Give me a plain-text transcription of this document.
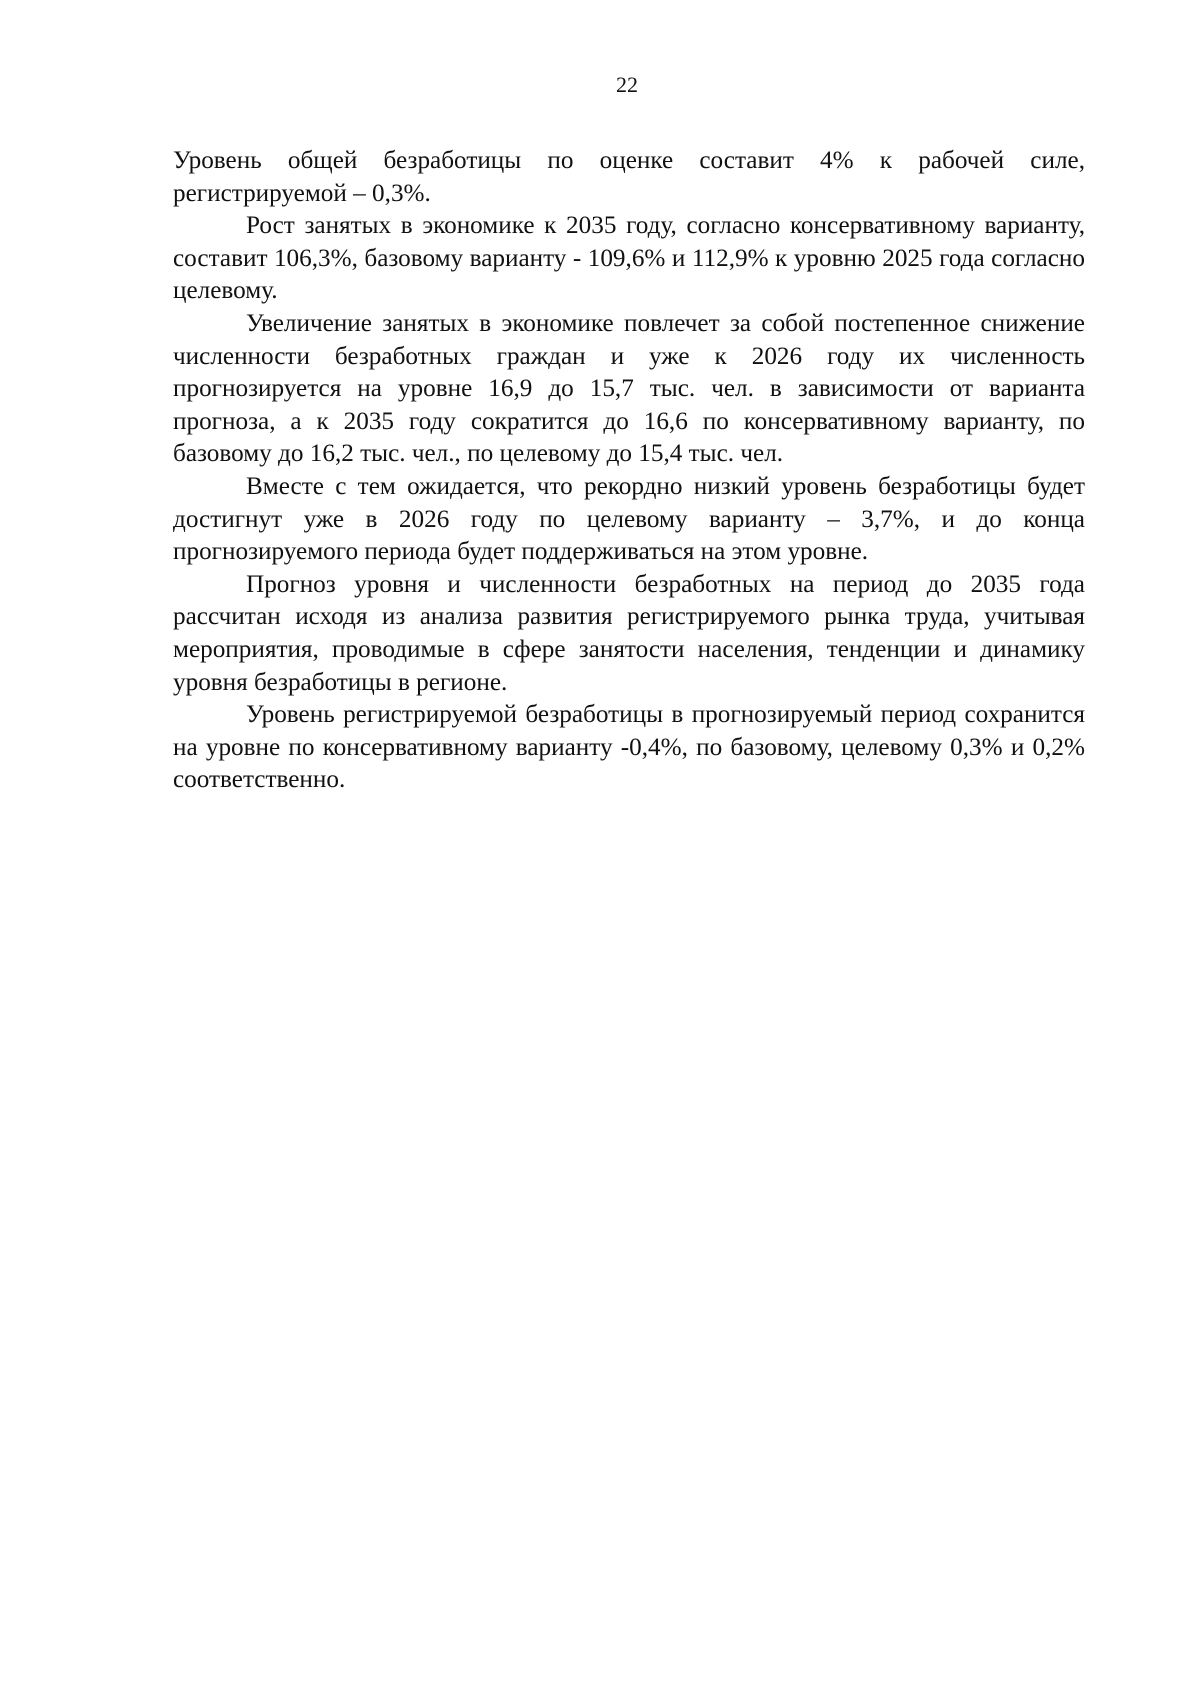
22

Уровень общей безработицы по оценке составит 4% к рабочей силе, регистрируемой – 0,3%.

Рост занятых в экономике к 2035 году, согласно консервативному варианту, составит 106,3%, базовому варианту - 109,6% и 112,9% к уровню 2025 года согласно целевому.

Увеличение занятых в экономике повлечет за собой постепенное снижение численности безработных граждан и уже к 2026 году их численность прогнозируется на уровне 16,9 до 15,7 тыс. чел. в зависимости от варианта прогноза, а к 2035 году сократится до 16,6 по консервативному варианту, по базовому до 16,2 тыс. чел., по целевому до 15,4 тыс. чел.

Вместе с тем ожидается, что рекордно низкий уровень безработицы будет достигнут уже в 2026 году по целевому варианту – 3,7%, и до конца прогнозируемого периода будет поддерживаться на этом уровне.

Прогноз уровня и численности безработных на период до 2035 года рассчитан исходя из анализа развития регистрируемого рынка труда, учитывая мероприятия, проводимые в сфере занятости населения, тенденции и динамику уровня безработицы в регионе.

Уровень регистрируемой безработицы в прогнозируемый период сохранится на уровне по консервативному варианту -0,4%, по базовому, целевому 0,3% и 0,2% соответственно.
